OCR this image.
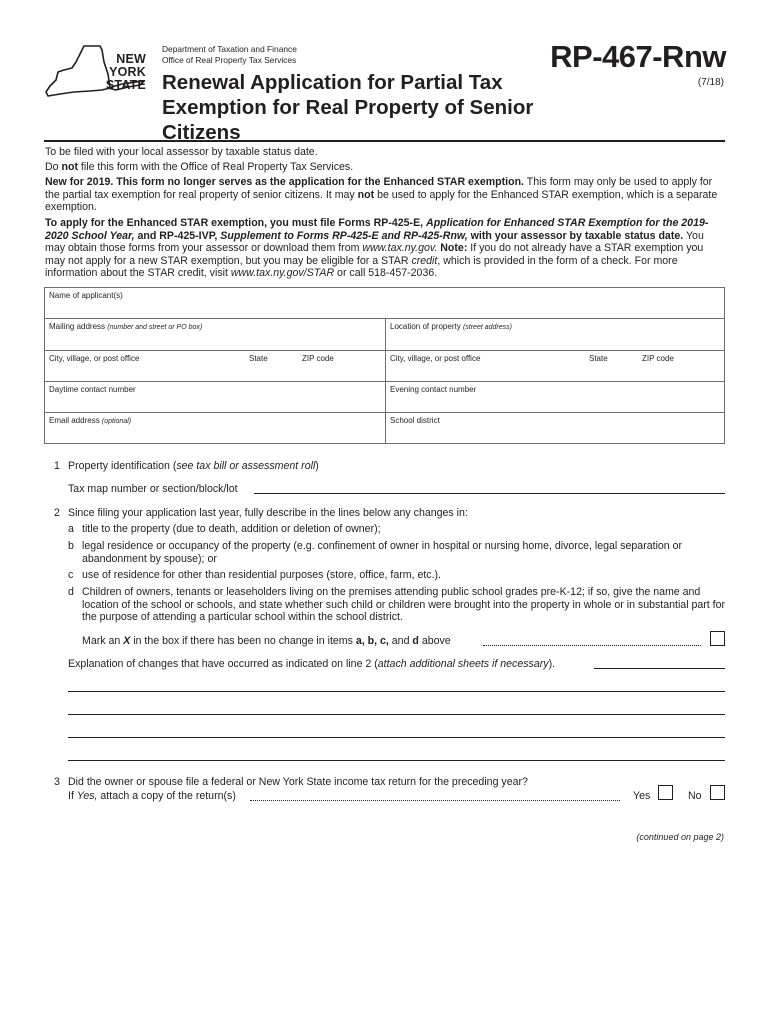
NEW
YORK
STATE
Department of Taxation and Finance
Office of Real Property Tax Services
Renewal Application for Partial Tax
Exemption for Real Property of Senior Citizens
RP-467-Rnw
(7/18)

To be filed with your local assessor by taxable status date.

Do not file this form with the Office of Real Property Tax Services.

New for 2019. This form no longer serves as the application for the Enhanced STAR exemption. This form may only be used to apply for the partial tax exemption for real property of senior citizens. It may not be used to apply for the Enhanced STAR exemption, which is a separate exemption.

To apply for the Enhanced STAR exemption, you must file Forms RP-425-E, Application for Enhanced STAR Exemption for the 2019-2020 School Year, and RP-425-IVP, Supplement to Forms RP-425-E and RP-425-Rnw, with your assessor by taxable status date. You may obtain those forms from your assessor or download them from www.tax.ny.gov. Note: If you do not already have a STAR exemption you may not apply for a new STAR exemption, but you may be eligible for a STAR credit, which is provided in the form of a check. For more information about the STAR credit, visit www.tax.ny.gov/STAR or call 518-457-2036.

Name of applicant(s)
Mailing address (number and street or PO box)	Location of property (street address)
City, village, or post office	State	ZIP code	City, village, or post office	State	ZIP code
Daytime contact number	Evening contact number
Email address (optional)	School district
1 Property identification (see tax bill or assessment roll)
Tax map number or section/block/lot
2 Since filing your application last year, fully describe in the lines below any changes in:
a title to the property (due to death, addition or deletion of owner);
b legal residence or occupancy of the property (e.g. confinement of owner in hospital or nursing home, divorce, legal separation or abandonment by spouse); or
c use of residence for other than residential purposes (store, office, farm, etc.).
d Children of owners, tenants or leaseholders living on the premises attending public school grades pre-K-12; if so, give the name and location of the school or schools, and state whether such child or children were brought into the property in whole or in substantial part for the purpose of attending a particular school within the school district.
Mark an X in the box if there has been no change in items a, b, c, and d above
Explanation of changes that have occurred as indicated on line 2 (attach additional sheets if necessary).
3 Did the owner or spouse file a federal or New York State income tax return for the preceding year?
If Yes, attach a copy of the return(s)	Yes	No
(continued on page 2)
